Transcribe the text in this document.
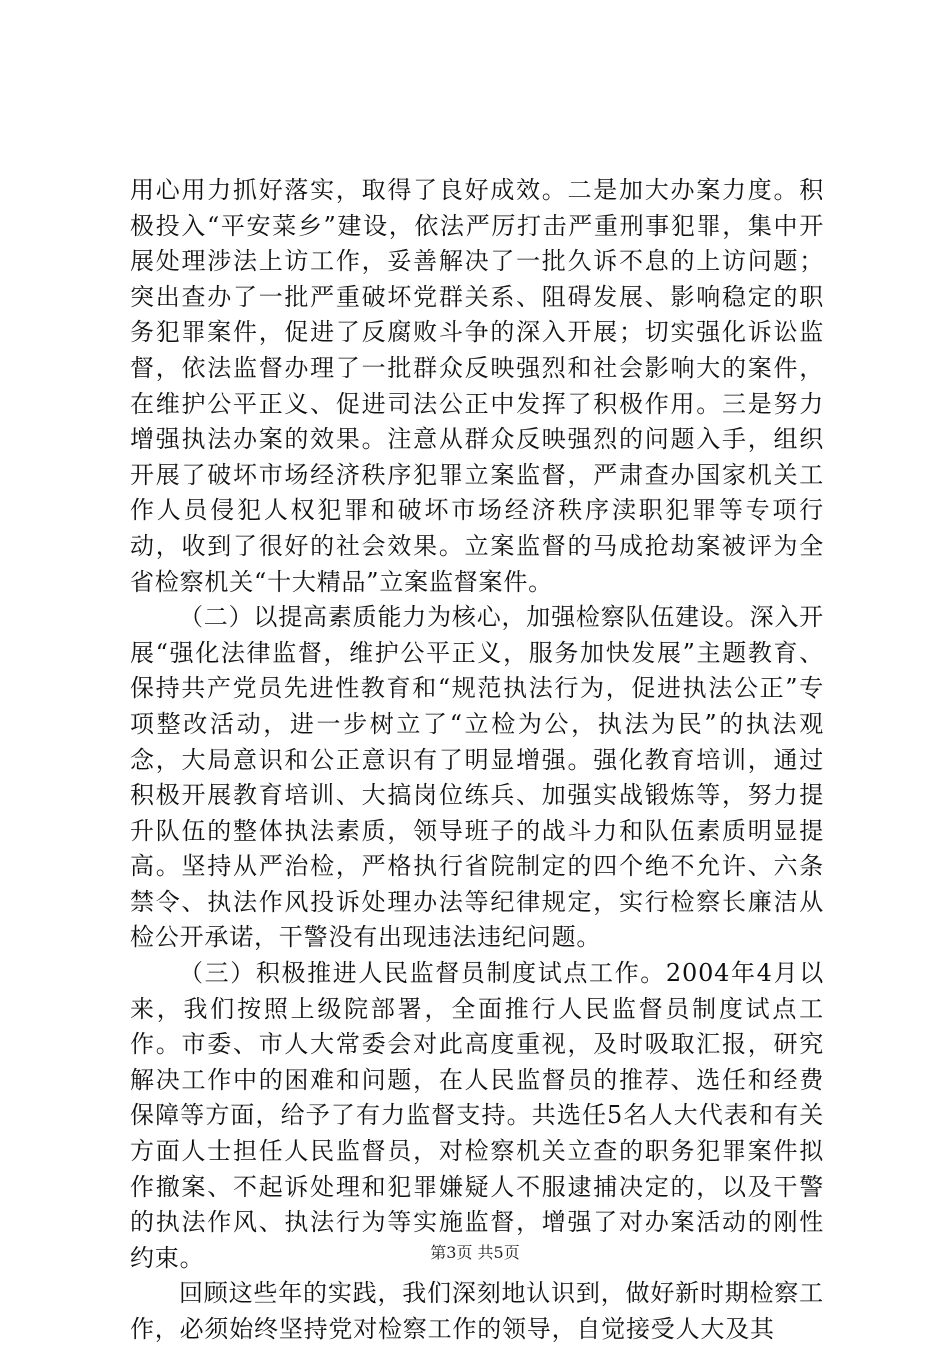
用心用力抓好落实，取得了良好成效。二是加大办案力度。积极投入“平安菜乡”建设，依法严厉打击严重刑事犯罪，集中开展处理涉法上访工作，妥善解决了一批久诉不息的上访问题；突出查办了一批严重破坏党群关系、阻碍发展、影响稳定的职务犯罪案件，促进了反腐败斗争的深入开展；切实强化诉讼监督，依法监督办理了一批群众反映强烈和社会影响大的案件，在维护公平正义、促进司法公正中发挥了积极作用。三是努力增强执法办案的效果。注意从群众反映强烈的问题入手，组织开展了破坏市场经济秩序犯罪立案监督，严肃查办国家机关工作人员侵犯人权犯罪和破坏市场经济秩序渎职犯罪等专项行动，收到了很好的社会效果。立案监督的马成抢劫案被评为全省检察机关“十大精品”立案监督案件。

（二）以提高素质能力为核心，加强检察队伍建设。深入开展“强化法律监督，维护公平正义，服务加快发展”主题教育、保持共产党员先进性教育和“规范执法行为，促进执法公正”专项整改活动，进一步树立了“立检为公，执法为民”的执法观念，大局意识和公正意识有了明显增强。强化教育培训，通过积极开展教育培训、大搞岗位练兵、加强实战锻炼等，努力提升队伍的整体执法素质，领导班子的战斗力和队伍素质明显提高。坚持从严治检，严格执行省院制定的四个绝不允许、六条禁令、执法作风投诉处理办法等纪律规定，实行检察长廉洁从检公开承诺，干警没有出现违法违纪问题。

（三）积极推进人民监督员制度试点工作。2004年4月以来，我们按照上级院部署，全面推行人民监督员制度试点工作。市委、市人大常委会对此高度重视，及时吸取汇报，研究解决工作中的困难和问题，在人民监督员的推荐、选任和经费保障等方面，给予了有力监督支持。共选任5名人大代表和有关方面人士担任人民监督员，对检察机关立查的职务犯罪案件拟作撤案、不起诉处理和犯罪嫌疑人不服逮捕决定的，以及干警的执法作风、执法行为等实施监督，增强了对办案活动的刚性约束。

回顾这些年的实践，我们深刻地认识到，做好新时期检察工作，必须始终坚持党对检察工作的领导，自觉接受人大及其

第3页 共5页
